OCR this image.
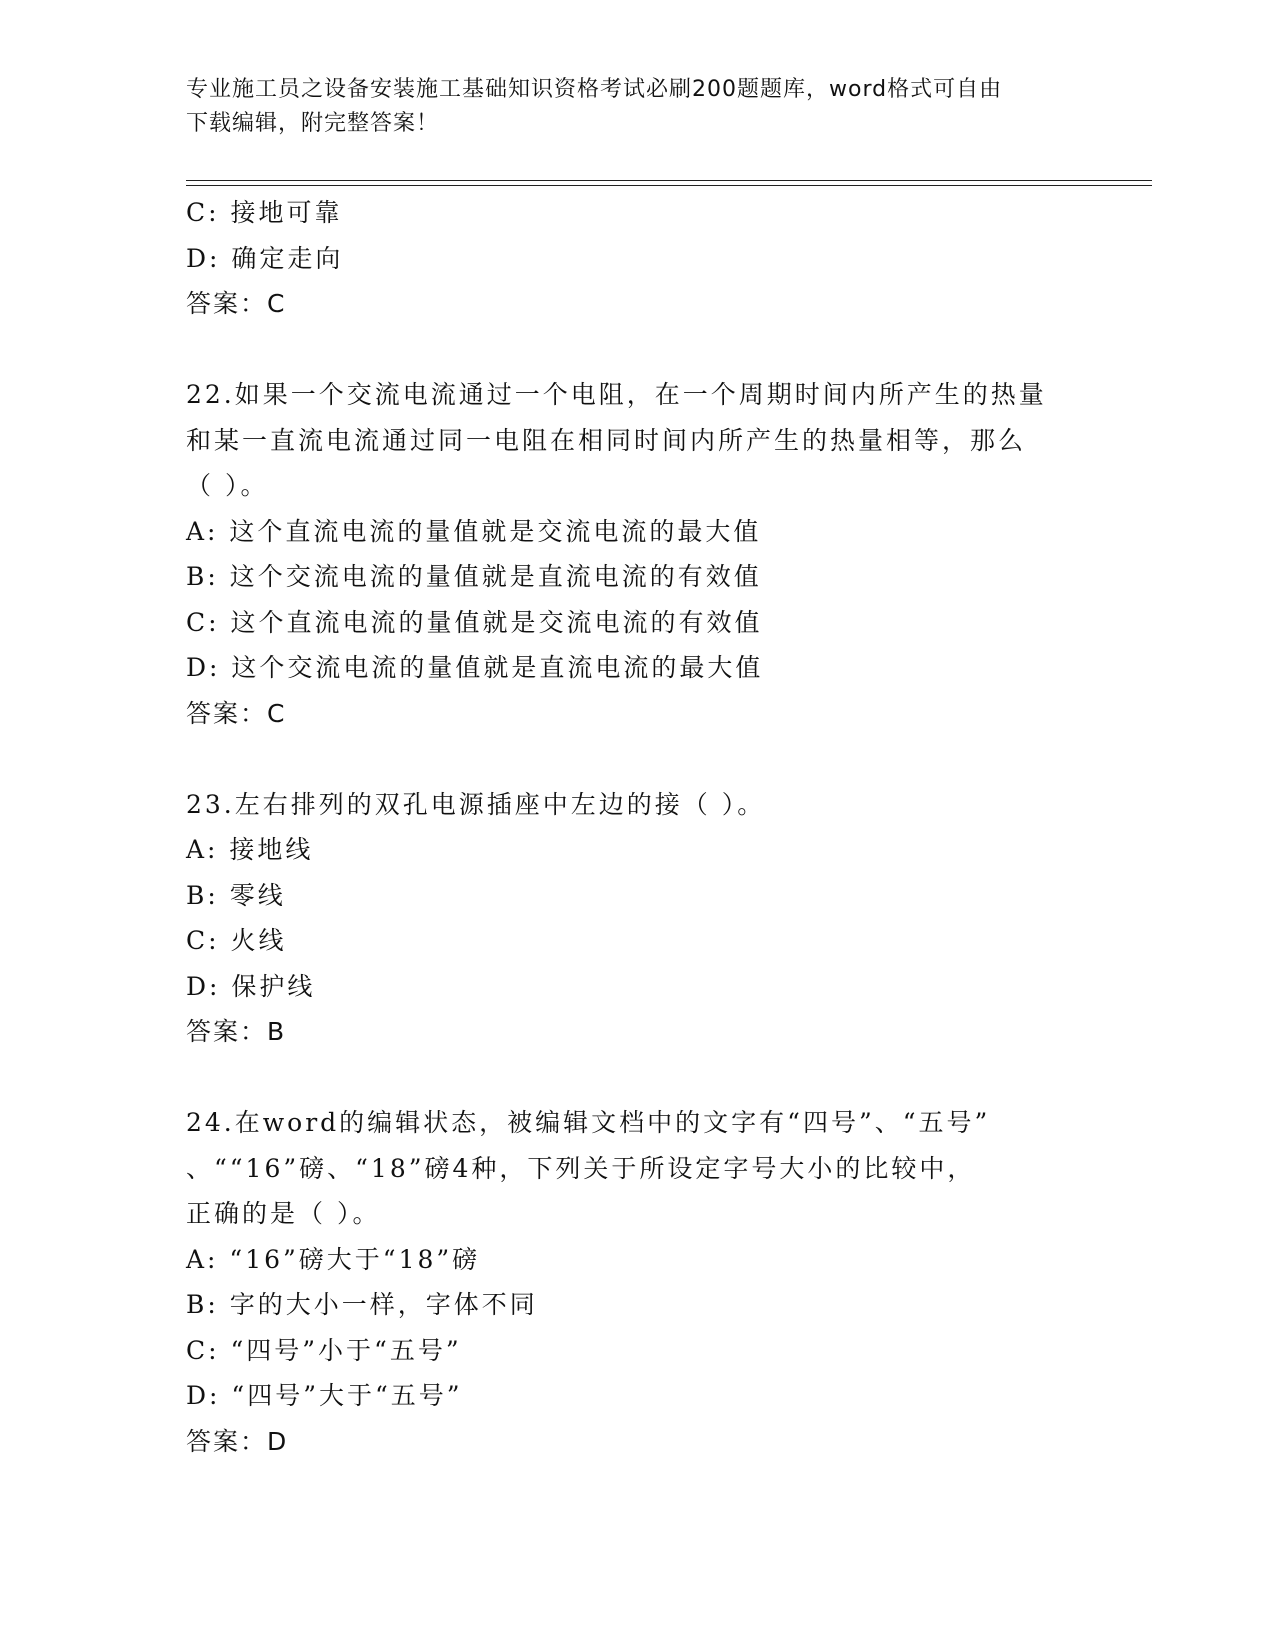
专业施工员之设备安装施工基础知识资格考试必刷200题题库，word格式可自由
下载编辑，附完整答案！
C: 接地可靠
D: 确定走向
答案：C
22.如果一个交流电流通过一个电阻，在一个周期时间内所产生的热量
和某一直流电流通过同一电阻在相同时间内所产生的热量相等，那么
（ ）。
A: 这个直流电流的量值就是交流电流的最大值
B: 这个交流电流的量值就是直流电流的有效值
C: 这个直流电流的量值就是交流电流的有效值
D: 这个交流电流的量值就是直流电流的最大值
答案：C
23.左右排列的双孔电源插座中左边的接（ ）。
A: 接地线
B: 零线
C: 火线
D: 保护线
答案：B
24.在word的编辑状态，被编辑文档中的文字有“四号”、“五号”
、““16”磅、“18”磅4种，下列关于所设定字号大小的比较中，
正确的是（ ）。
A: “16”磅大于“18”磅
B: 字的大小一样，字体不同
C: “四号”小于“五号”
D: “四号”大于“五号”
答案：D
